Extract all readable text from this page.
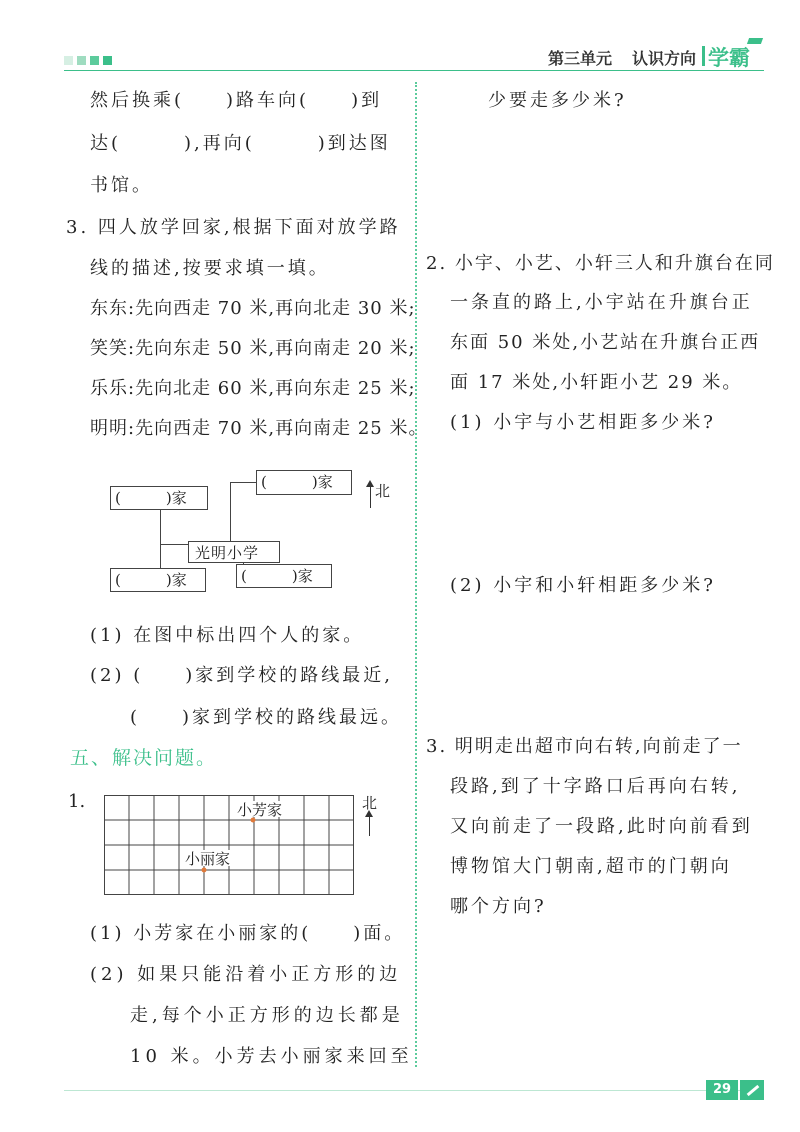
第三单元 认识方向 学霸
然后换乘(　　)路车向(　　)到
达(　　　),再向(　　　)到达图
书馆。
3. 四人放学回家,根据下面对放学路
线的描述,按要求填一填。
东东:先向西走 70 米,再向北走 30 米;
笑笑:先向东走 50 米,再向南走 20 米;
乐乐:先向北走 60 米,再向东走 25 米;
明明:先向西走 70 米,再向南走 25 米。
(　　　)家
(　　　)家
光明小学
(　　　)家	(　　　)家
北
(1) 在图中标出四个人的家。
(2) (　　)家到学校的路线最近,
(　　)家到学校的路线最远。
五、解决问题。
1.	小芳家
小丽家
北
(1) 小芳家在小丽家的(　　)面。
(2) 如果只能沿着小正方形的边
走,每个小正方形的边长都是
10 米。小芳去小丽家来回至
少要走多少米?
2. 小宇、小艺、小轩三人和升旗台在同
一条直的路上,小宇站在升旗台正
东面 50 米处,小艺站在升旗台正西
面 17 米处,小轩距小艺 29 米。
(1) 小宇与小艺相距多少米?
(2) 小宇和小轩相距多少米?
3. 明明走出超市向右转,向前走了一
段路,到了十字路口后再向右转,
又向前走了一段路,此时向前看到
博物馆大门朝南,超市的门朝向
哪个方向?
29
